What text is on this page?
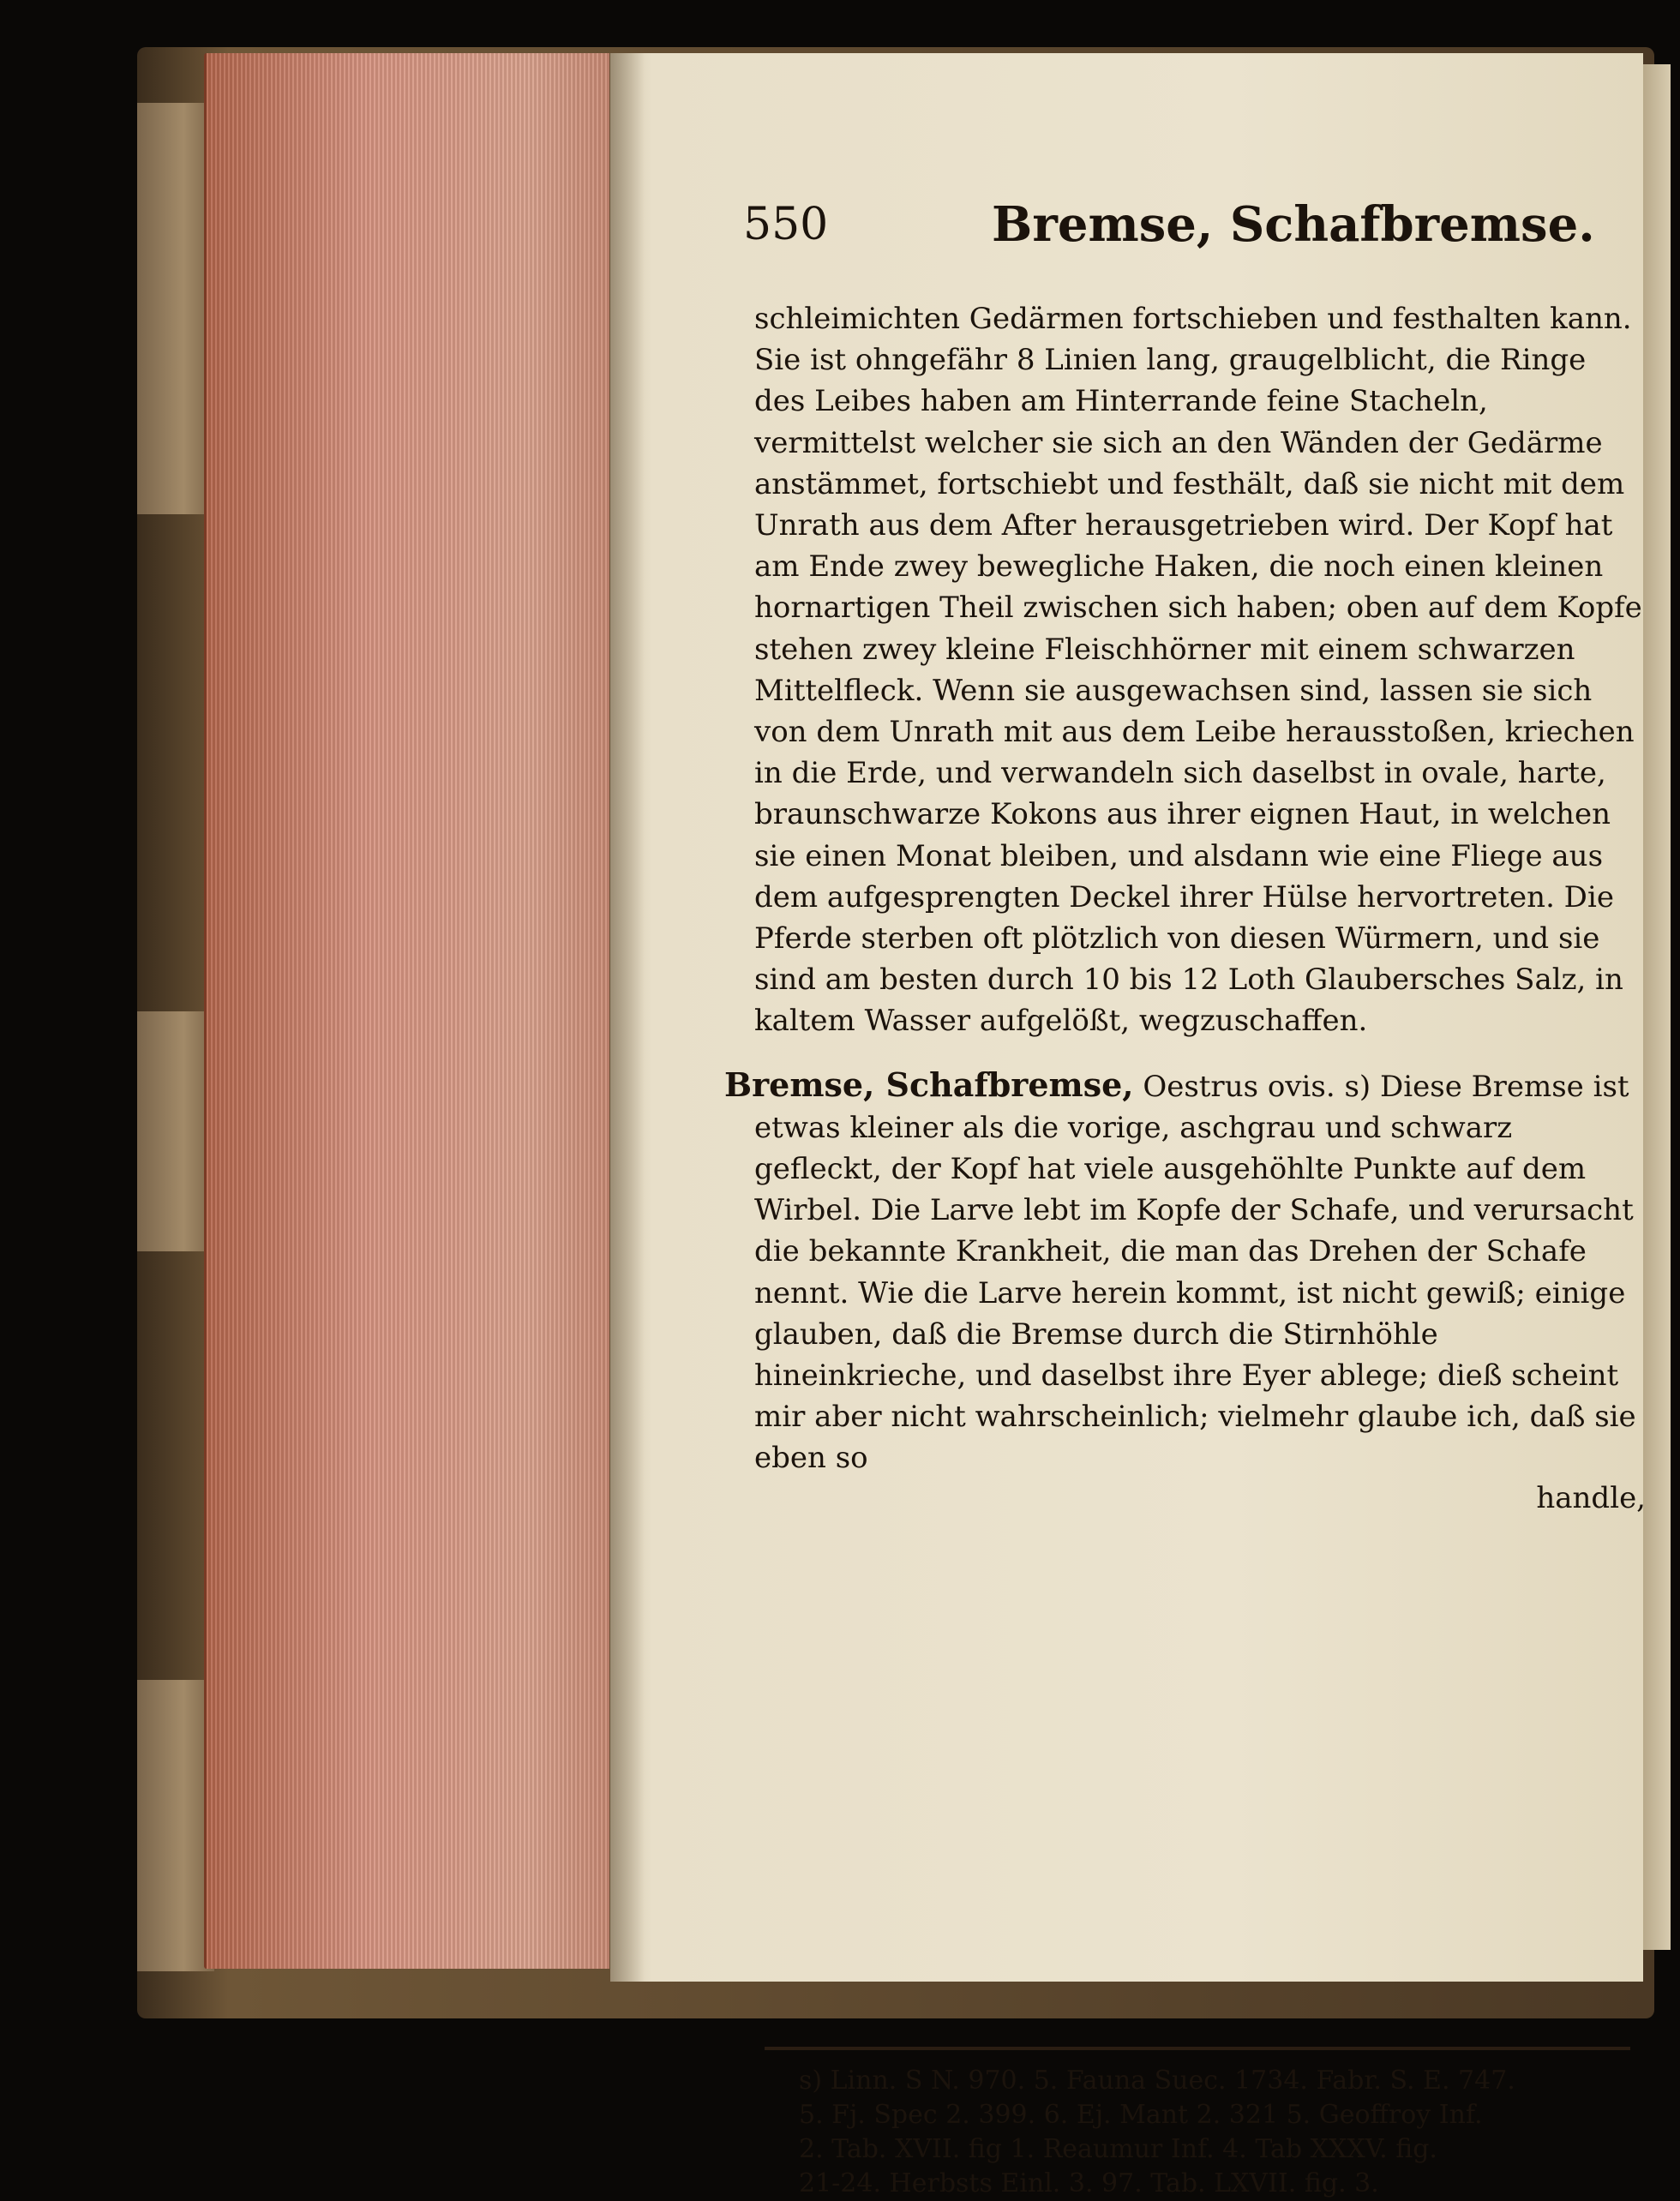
550	Bremse, Schafbremse.

schleimichten Gedärmen fortschieben und festhalten kann. Sie ist ohngefähr 8 Linien lang, graugelblicht, die Ringe des Leibes haben am Hinterrande feine Stacheln, vermittelst welcher sie sich an den Wänden der Gedärme anstämmet, fortschiebt und festhält, daß sie nicht mit dem Unrath aus dem After herausgetrieben wird. Der Kopf hat am Ende zwey bewegliche Haken, die noch einen kleinen hornartigen Theil zwischen sich haben; oben auf dem Kopfe stehen zwey kleine Fleischhörner mit einem schwarzen Mittelfleck. Wenn sie ausgewachsen sind, lassen sie sich von dem Unrath mit aus dem Leibe herausstoßen, kriechen in die Erde, und verwandeln sich daselbst in ovale, harte, braunschwarze Kokons aus ihrer eignen Haut, in welchen sie einen Monat bleiben, und alsdann wie eine Fliege aus dem aufgesprengten Deckel ihrer Hülse hervortreten. Die Pferde sterben oft plötzlich von diesen Würmern, und sie sind am besten durch 10 bis 12 Loth Glaubersches Salz, in kaltem Wasser aufgelößt, wegzuschaffen.

Bremse, Schafbremse, Oestrus ovis. s) Diese Bremse ist etwas kleiner als die vorige, aschgrau und schwarz gefleckt, der Kopf hat viele ausgehöhlte Punkte auf dem Wirbel. Die Larve lebt im Kopfe der Schafe, und verursacht die bekannte Krankheit, die man das Drehen der Schafe nennt. Wie die Larve herein kommt, ist nicht gewiß; einige glauben, daß die Bremse durch die Stirnhöhle hineinkrieche, und daselbst ihre Eyer ablege; dieß scheint mir aber nicht wahrscheinlich; vielmehr glaube ich, daß sie eben so

handle,

s) Linn. S N. 970. 5. Fauna Suec. 1734. Fabr. S. E. 747.
5. Fj. Spec 2. 399. 6. Ej. Mant 2. 321 5. Geoffroy Inf.
2. Tab. XVII. fig 1. Reaumur Inf. 4. Tab XXXV. fig.
21-24. Herbsts Einl. 3. 97. Tab. LXVII. fig. 3.
